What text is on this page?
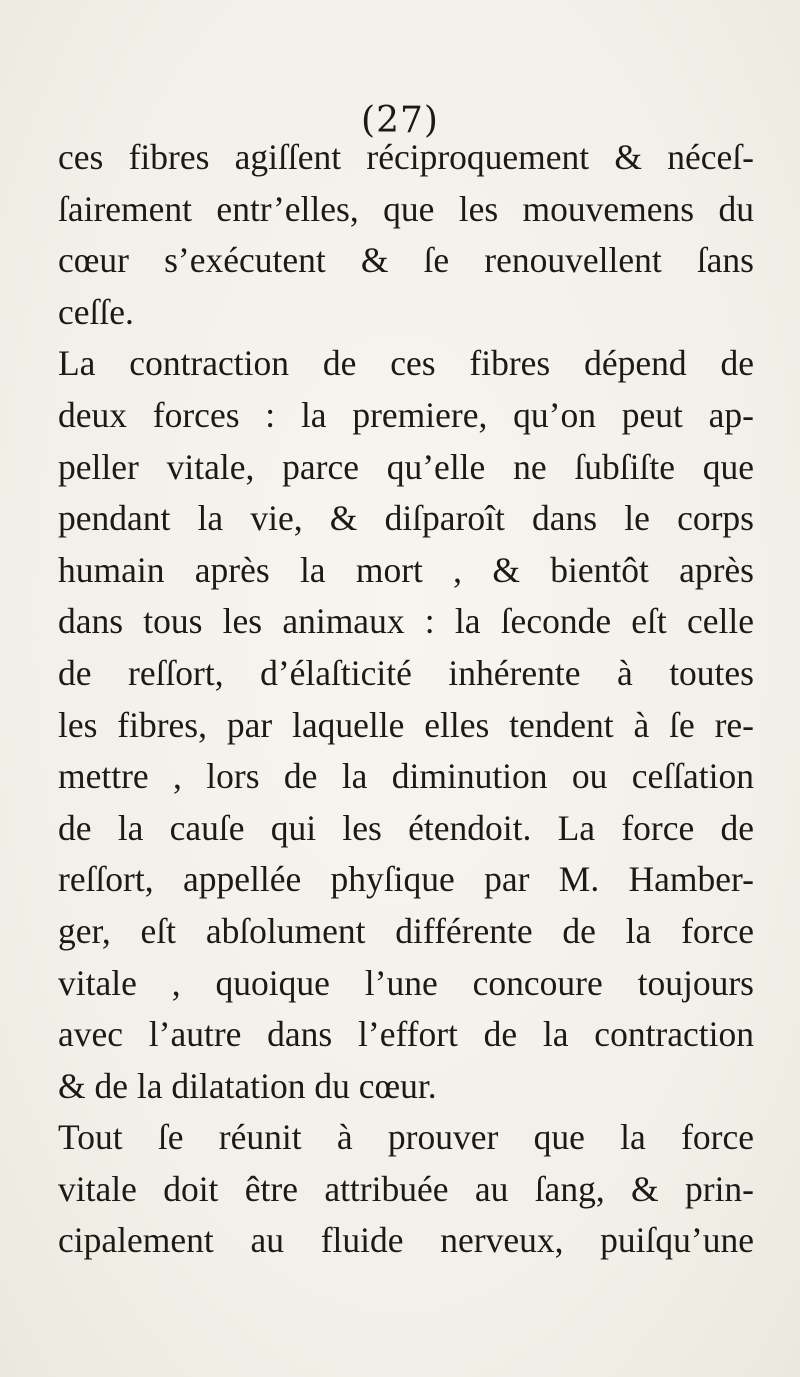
(27)
ces fibres agiſſent réciproquement & néceſ-
ſairement entr’elles, que les mouvemens du
cœur s’exécutent & ſe renouvellent ſans
ceſſe.
La contraction de ces fibres dépend de
deux forces : la premiere, qu’on peut ap-
peller vitale, parce qu’elle ne ſubſiſte que
pendant la vie, & diſparoît dans le corps
humain après la mort , & bientôt après
dans tous les animaux : la ſeconde eſt celle
de reſſort, d’élaſticité inhérente à toutes
les fibres, par laquelle elles tendent à ſe re-
mettre , lors de la diminution ou ceſſation
de la cauſe qui les étendoit. La force de
reſſort, appellée phyſique par M. Hamber-
ger, eſt abſolument différente de la force
vitale , quoique l’une concoure toujours
avec l’autre dans l’effort de la contraction
& de la dilatation du cœur.
Tout ſe réunit à prouver que la force
vitale doit être attribuée au ſang, & prin-
cipalement au fluide nerveux, puiſqu’une
